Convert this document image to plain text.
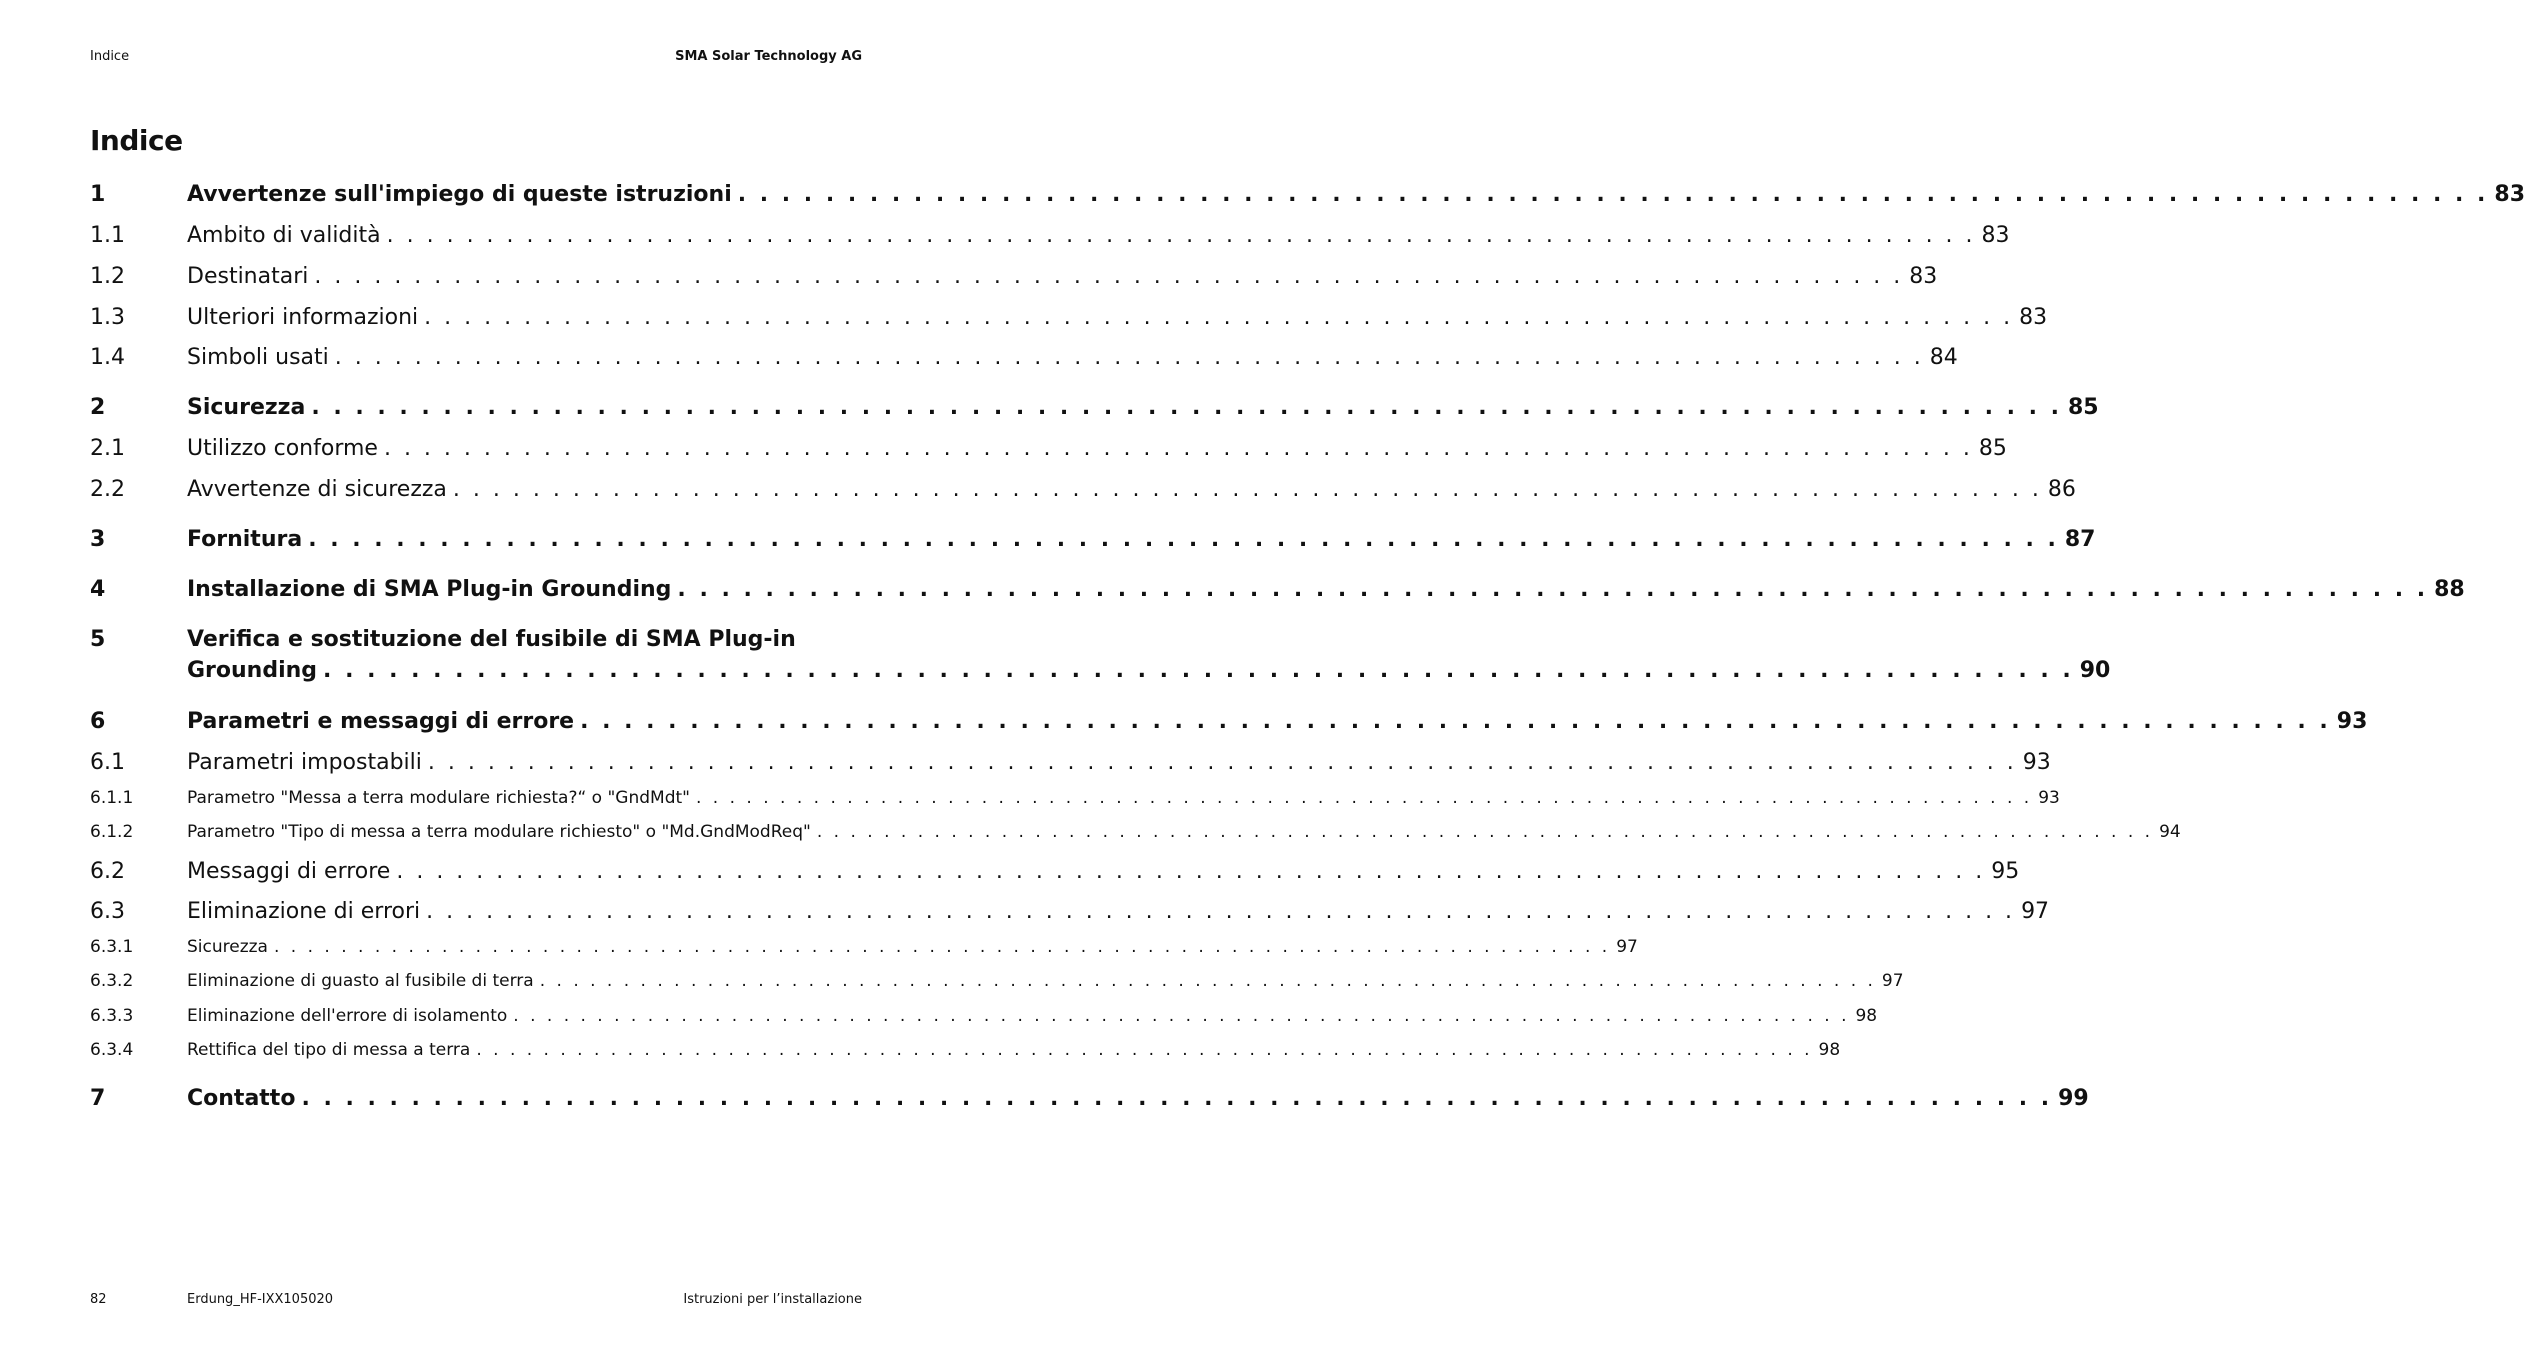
Indice	SMA Solar Technology AG
Indice
1	Avvertenze sull'impiego di queste istruzioni . . . . . . . . . . . . . . . . . . . . . . . . . . . . . . . . . . . . . . . . . . . . . . . . . . . . . . . . . . . . . . . . . . . . . . . . . . . . . . . . 83
1.1	Ambito di validità . . . . . . . . . . . . . . . . . . . . . . . . . . . . . . . . . . . . . . . . . . . . . . . . . . . . . . . . . . . . . . . . . . . . . . . . . . . . . . . . 83
1.2	Destinatari . . . . . . . . . . . . . . . . . . . . . . . . . . . . . . . . . . . . . . . . . . . . . . . . . . . . . . . . . . . . . . . . . . . . . . . . . . . . . . . . 83
1.3	Ulteriori informazioni . . . . . . . . . . . . . . . . . . . . . . . . . . . . . . . . . . . . . . . . . . . . . . . . . . . . . . . . . . . . . . . . . . . . . . . . . . . . . . . . 83
1.4	Simboli usati . . . . . . . . . . . . . . . . . . . . . . . . . . . . . . . . . . . . . . . . . . . . . . . . . . . . . . . . . . . . . . . . . . . . . . . . . . . . . . . . 84
2	Sicurezza . . . . . . . . . . . . . . . . . . . . . . . . . . . . . . . . . . . . . . . . . . . . . . . . . . . . . . . . . . . . . . . . . . . . . . . . . . . . . . . . 85
2.1	Utilizzo conforme . . . . . . . . . . . . . . . . . . . . . . . . . . . . . . . . . . . . . . . . . . . . . . . . . . . . . . . . . . . . . . . . . . . . . . . . . . . . . . . . 85
2.2	Avvertenze di sicurezza . . . . . . . . . . . . . . . . . . . . . . . . . . . . . . . . . . . . . . . . . . . . . . . . . . . . . . . . . . . . . . . . . . . . . . . . . . . . . . . . 86
3	Fornitura . . . . . . . . . . . . . . . . . . . . . . . . . . . . . . . . . . . . . . . . . . . . . . . . . . . . . . . . . . . . . . . . . . . . . . . . . . . . . . . . 87
4	Installazione di SMA Plug-in Grounding . . . . . . . . . . . . . . . . . . . . . . . . . . . . . . . . . . . . . . . . . . . . . . . . . . . . . . . . . . . . . . . . . . . . . . . . . . . . . . . . 88
5	Verifica e sostituzione del fusibile di SMA Plug-in
Grounding . . . . . . . . . . . . . . . . . . . . . . . . . . . . . . . . . . . . . . . . . . . . . . . . . . . . . . . . . . . . . . . . . . . . . . . . . . . . . . . . 90
6	Parametri e messaggi di errore . . . . . . . . . . . . . . . . . . . . . . . . . . . . . . . . . . . . . . . . . . . . . . . . . . . . . . . . . . . . . . . . . . . . . . . . . . . . . . . . 93
6.1	Parametri impostabili . . . . . . . . . . . . . . . . . . . . . . . . . . . . . . . . . . . . . . . . . . . . . . . . . . . . . . . . . . . . . . . . . . . . . . . . . . . . . . . . 93
6.1.1	Parametro "Messa a terra modulare richiesta?“ o "GndMdt" . . . . . . . . . . . . . . . . . . . . . . . . . . . . . . . . . . . . . . . . . . . . . . . . . . . . . . . . . . . . . . . . . . . . . . . . . . . . . . . . 93
6.1.2	Parametro "Tipo di messa a terra modulare richiesto" o "Md.GndModReq" . . . . . . . . . . . . . . . . . . . . . . . . . . . . . . . . . . . . . . . . . . . . . . . . . . . . . . . . . . . . . . . . . . . . . . . . . . . . . . . . 94
6.2	Messaggi di errore . . . . . . . . . . . . . . . . . . . . . . . . . . . . . . . . . . . . . . . . . . . . . . . . . . . . . . . . . . . . . . . . . . . . . . . . . . . . . . . . 95
6.3	Eliminazione di errori . . . . . . . . . . . . . . . . . . . . . . . . . . . . . . . . . . . . . . . . . . . . . . . . . . . . . . . . . . . . . . . . . . . . . . . . . . . . . . . . 97
6.3.1	Sicurezza . . . . . . . . . . . . . . . . . . . . . . . . . . . . . . . . . . . . . . . . . . . . . . . . . . . . . . . . . . . . . . . . . . . . . . . . . . . . . . . . 97
6.3.2	Eliminazione di guasto al fusibile di terra . . . . . . . . . . . . . . . . . . . . . . . . . . . . . . . . . . . . . . . . . . . . . . . . . . . . . . . . . . . . . . . . . . . . . . . . . . . . . . . . 97
6.3.3	Eliminazione dell'errore di isolamento . . . . . . . . . . . . . . . . . . . . . . . . . . . . . . . . . . . . . . . . . . . . . . . . . . . . . . . . . . . . . . . . . . . . . . . . . . . . . . . . 98
6.3.4	Rettifica del tipo di messa a terra . . . . . . . . . . . . . . . . . . . . . . . . . . . . . . . . . . . . . . . . . . . . . . . . . . . . . . . . . . . . . . . . . . . . . . . . . . . . . . . . 98
7	Contatto . . . . . . . . . . . . . . . . . . . . . . . . . . . . . . . . . . . . . . . . . . . . . . . . . . . . . . . . . . . . . . . . . . . . . . . . . . . . . . . . 99
82	Erdung_HF-IXX105020	Istruzioni per l’installazione
